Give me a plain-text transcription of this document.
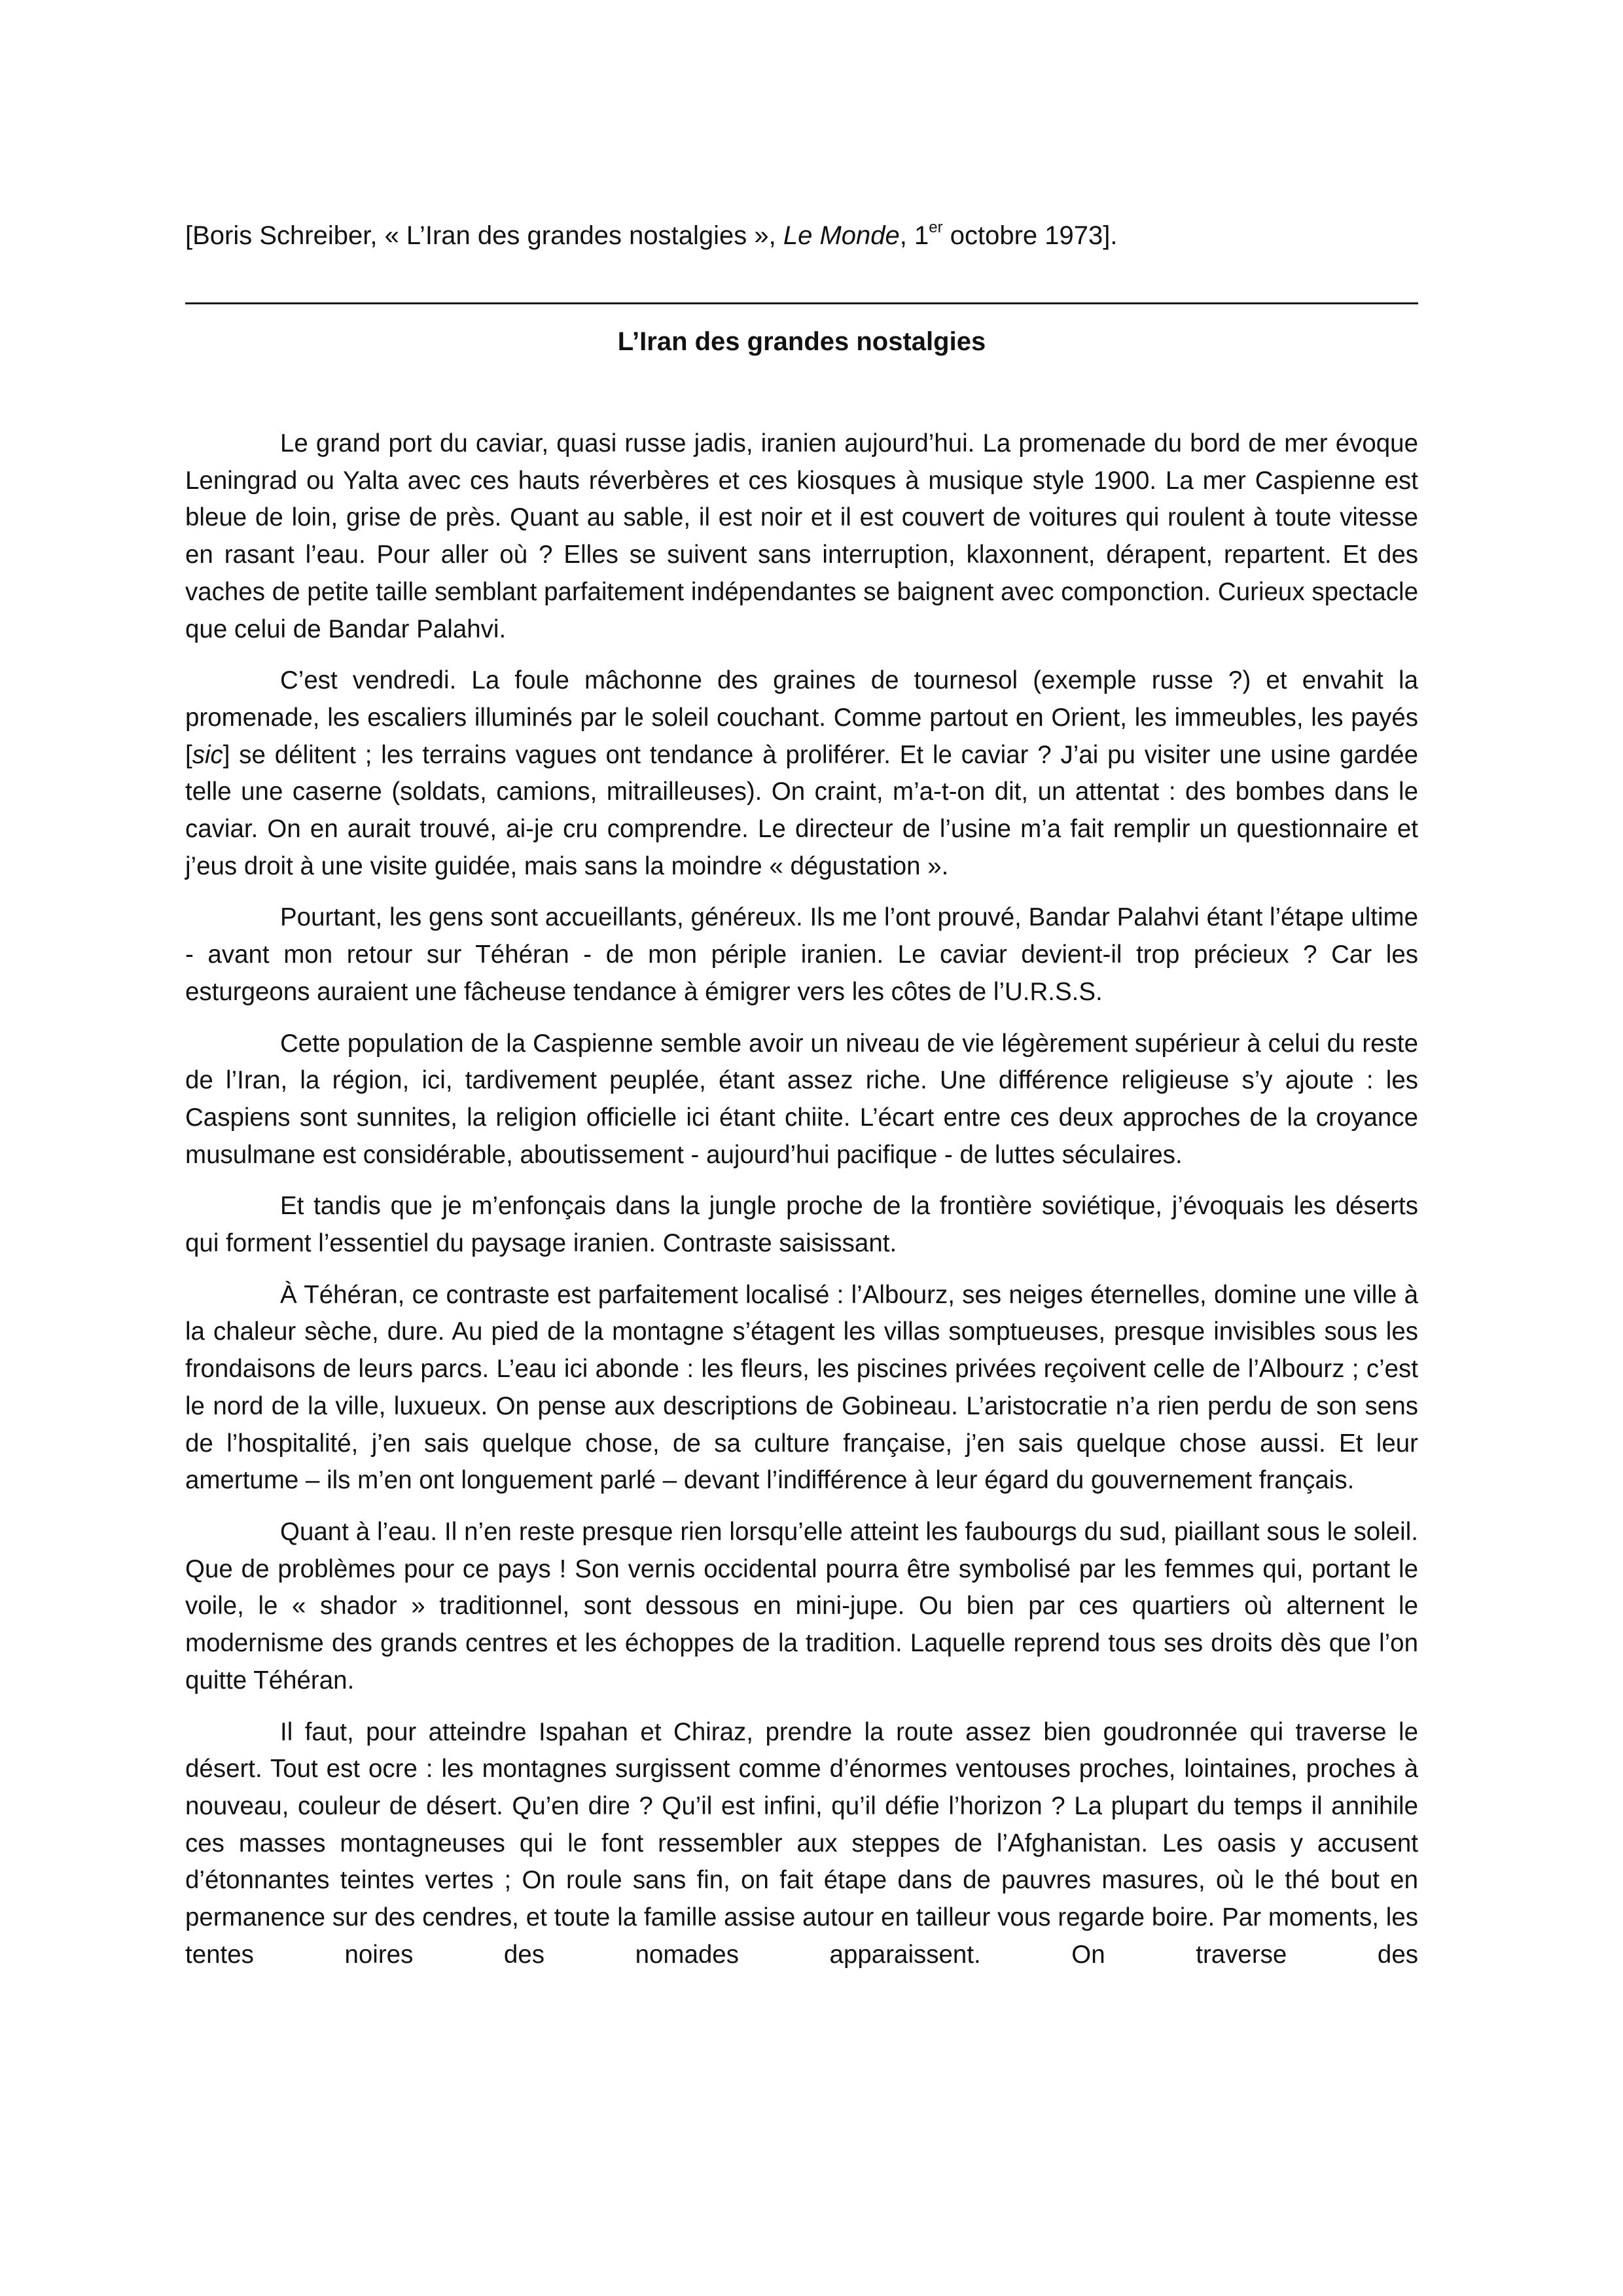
[Boris Schreiber, « L’Iran des grandes nostalgies », Le Monde, 1er octobre 1973].
L’Iran des grandes nostalgies

Le grand port du caviar, quasi russe jadis, iranien aujourd’hui. La promenade du bord de mer évoque Leningrad ou Yalta avec ces hauts réverbères et ces kiosques à musique style 1900. La mer Caspienne est bleue de loin, grise de près. Quant au sable, il est noir et il est couvert de voitures qui roulent à toute vitesse en rasant l’eau. Pour aller où ? Elles se suivent sans interruption, klaxonnent, dérapent, repartent. Et des vaches de petite taille semblant parfaitement indépendantes se baignent avec componction. Curieux spectacle que celui de Bandar Palahvi.

C’est vendredi. La foule mâchonne des graines de tournesol (exemple russe ?) et envahit la promenade, les escaliers illuminés par le soleil couchant. Comme partout en Orient, les immeubles, les payés [sic] se délitent ; les terrains vagues ont tendance à proliférer. Et le caviar ? J’ai pu visiter une usine gardée telle une caserne (soldats, camions, mitrailleuses). On craint, m’a-t-on dit, un attentat : des bombes dans le caviar. On en aurait trouvé, ai-je cru comprendre. Le directeur de l’usine m’a fait remplir un questionnaire et j’eus droit à une visite guidée, mais sans la moindre « dégustation ».

Pourtant, les gens sont accueillants, généreux. Ils me l’ont prouvé, Bandar Palahvi étant l’étape ultime - avant mon retour sur Téhéran - de mon périple iranien. Le caviar devient-il trop précieux ? Car les esturgeons auraient une fâcheuse tendance à émigrer vers les côtes de l’U.R.S.S.

Cette population de la Caspienne semble avoir un niveau de vie légèrement supérieur à celui du reste de l’Iran, la région, ici, tardivement peuplée, étant assez riche. Une différence religieuse s’y ajoute : les Caspiens sont sunnites, la religion officielle ici étant chiite. L’écart entre ces deux approches de la croyance musulmane est considérable, aboutissement - aujourd’hui pacifique - de luttes séculaires.

Et tandis que je m’enfonçais dans la jungle proche de la frontière soviétique, j’évoquais les déserts qui forment l’essentiel du paysage iranien. Contraste saisissant.

À Téhéran, ce contraste est parfaitement localisé : l’Albourz, ses neiges éternelles, domine une ville à la chaleur sèche, dure. Au pied de la montagne s’étagent les villas somptueuses, presque invisibles sous les frondaisons de leurs parcs. L’eau ici abonde : les fleurs, les piscines privées reçoivent celle de l’Albourz ; c’est le nord de la ville, luxueux. On pense aux descriptions de Gobineau. L’aristocratie n’a rien perdu de son sens de l’hospitalité, j’en sais quelque chose, de sa culture française, j’en sais quelque chose aussi. Et leur amertume – ils m’en ont longuement parlé – devant l’indifférence à leur égard du gouvernement français.

Quant à l’eau. Il n’en reste presque rien lorsqu’elle atteint les faubourgs du sud, piaillant sous le soleil. Que de problèmes pour ce pays ! Son vernis occidental pourra être symbolisé par les femmes qui, portant le voile, le « shador » traditionnel, sont dessous en mini-jupe. Ou bien par ces quartiers où alternent le modernisme des grands centres et les échoppes de la tradition. Laquelle reprend tous ses droits dès que l’on quitte Téhéran.

Il faut, pour atteindre Ispahan et Chiraz, prendre la route assez bien goudronnée qui traverse le désert. Tout est ocre : les montagnes surgissent comme d’énormes ventouses proches, lointaines, proches à nouveau, couleur de désert. Qu’en dire ? Qu’il est infini, qu’il défie l’horizon ? La plupart du temps il annihile ces masses montagneuses qui le font ressembler aux steppes de l’Afghanistan. Les oasis y accusent d’étonnantes teintes vertes ; On roule sans fin, on fait étape dans de pauvres masures, où le thé bout en permanence sur des cendres, et toute la famille assise autour en tailleur vous regarde boire. Par moments, les tentes noires des nomades apparaissent. On traverse des
